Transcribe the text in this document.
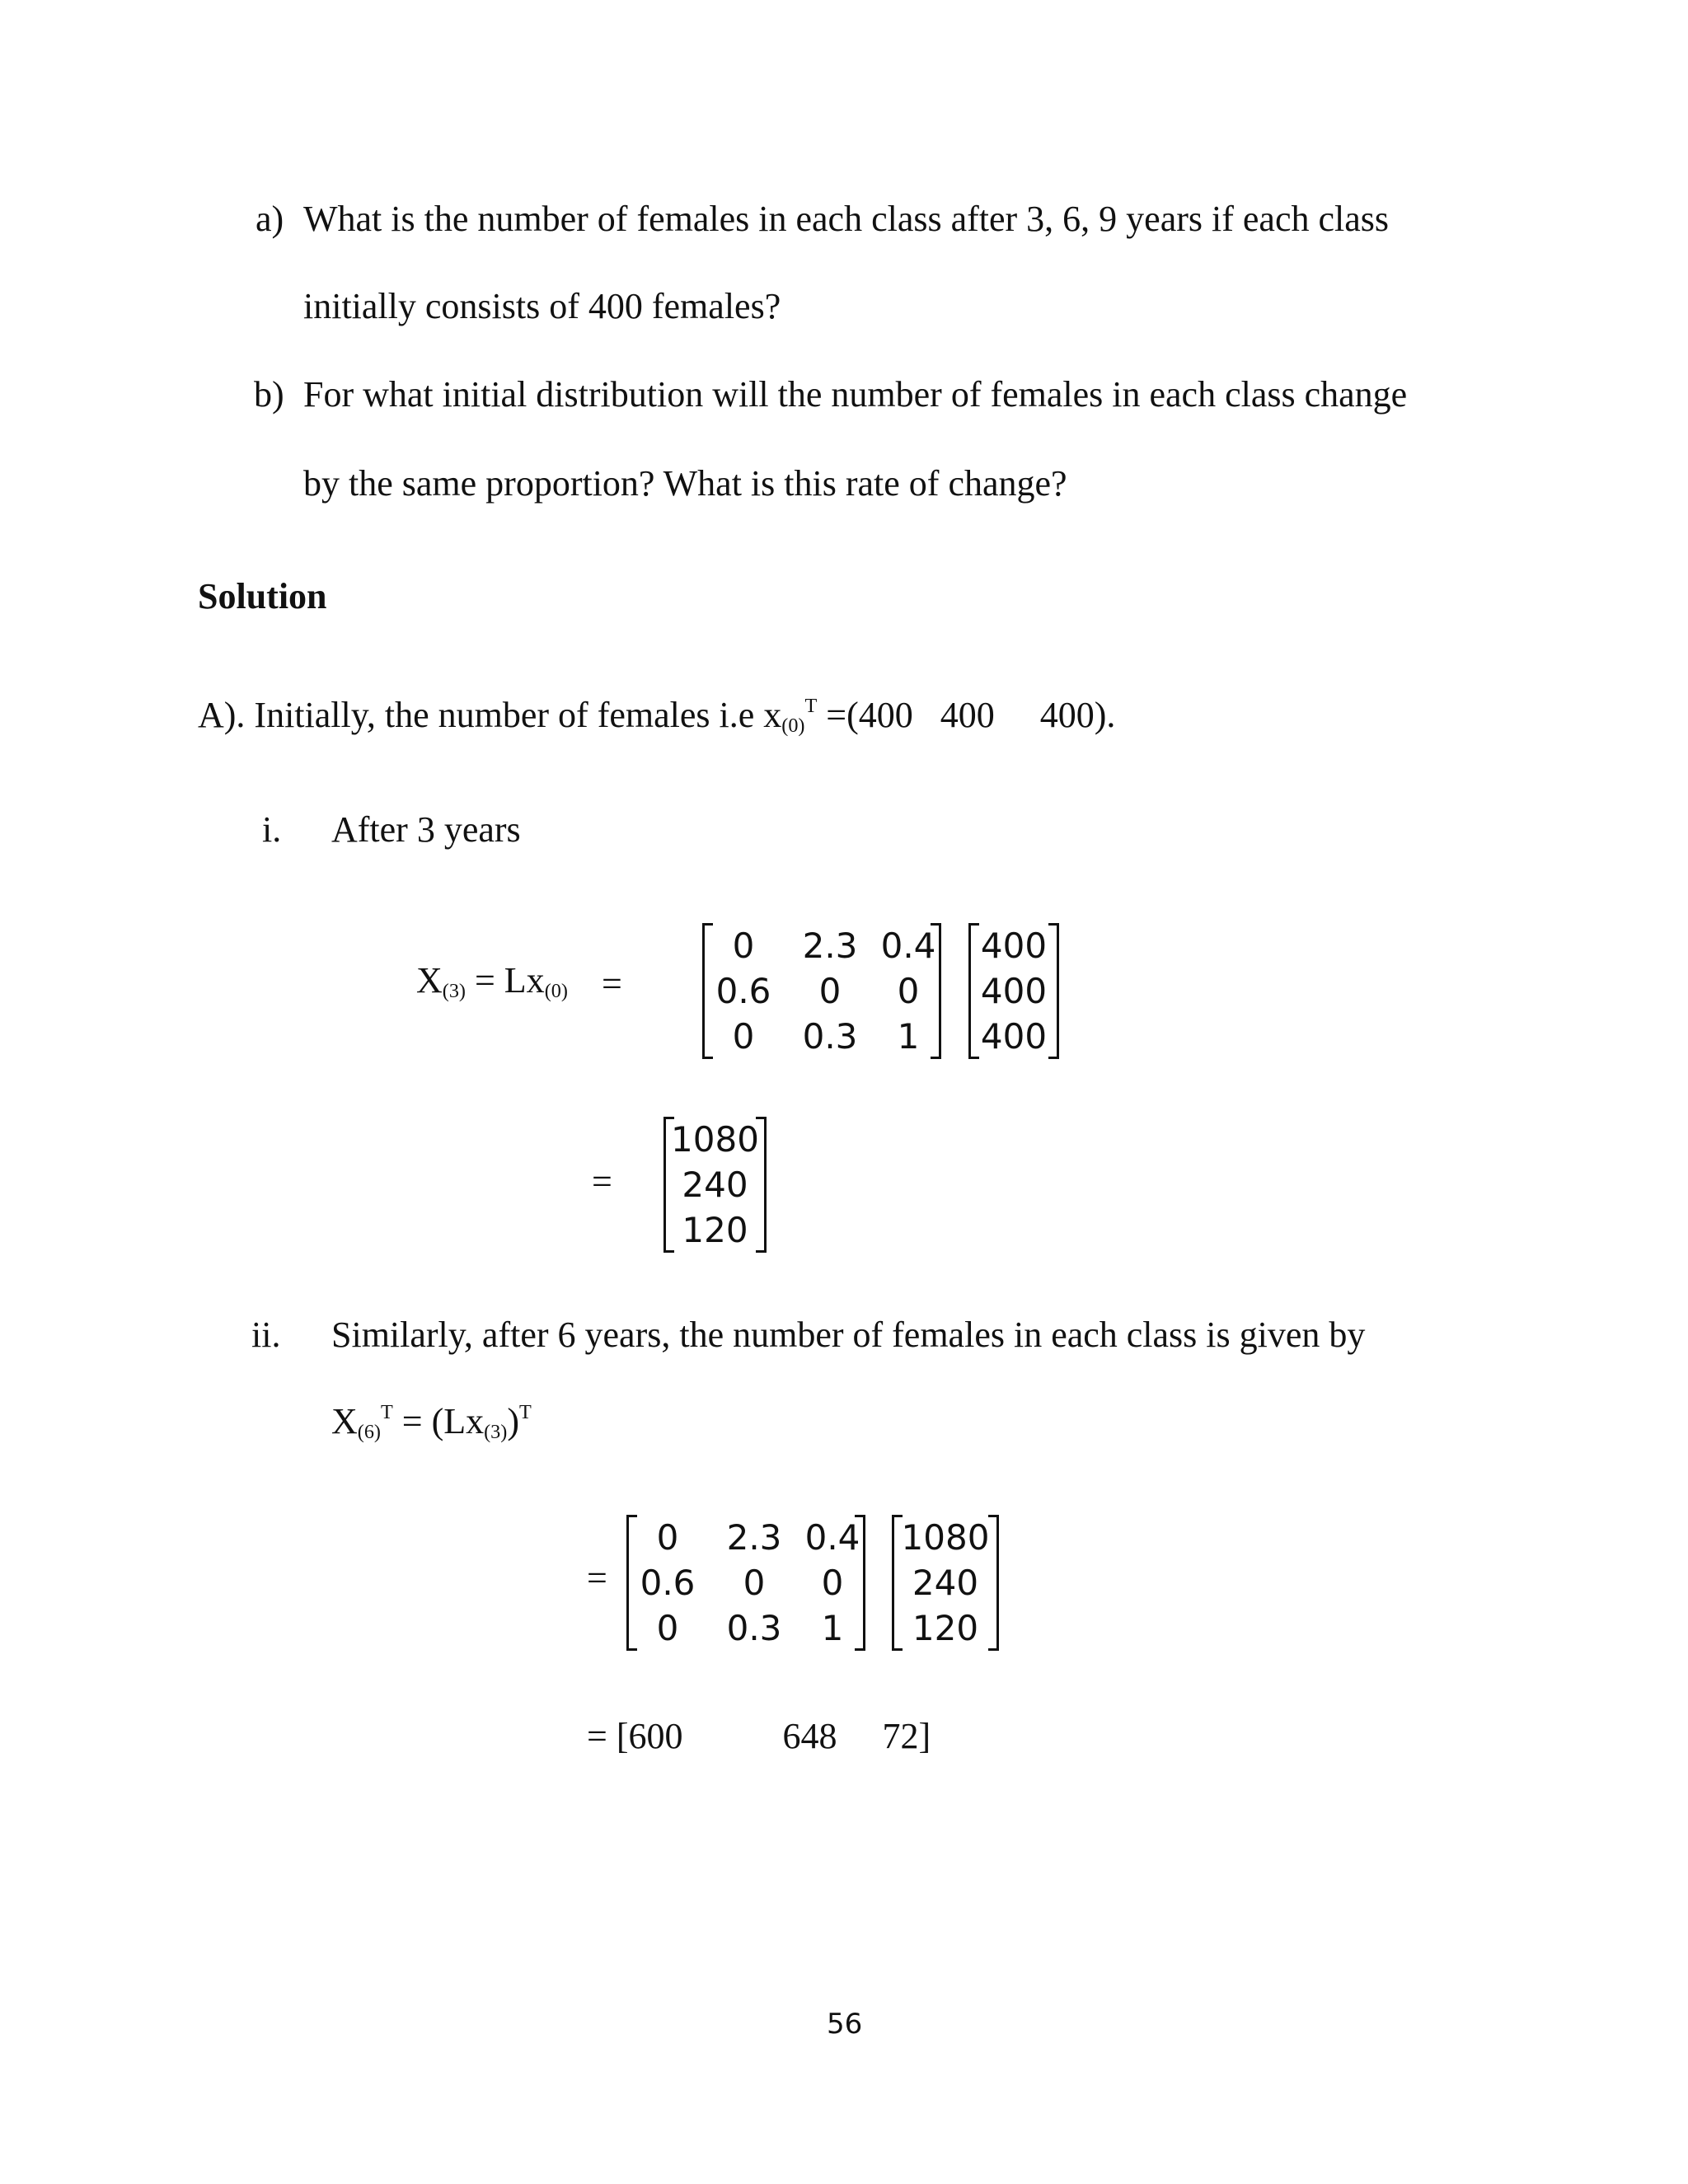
a) What is the number of females in each class after 3, 6, 9 years if each class
initially consists of 400 females?
b) For what initial distribution will the number of females in each class change
by the same proportion? What is this rate of change?
Solution
A). Initially, the number of females i.e $x_{(0)}^T =(400$   400     400).
i. After 3 years
$X_{(3)} = Lx_{(0)}$ =
0	2.3 0.4
0.6	0	0
0	0.3	1
400
400
400
=
1080
240
120
ii. Similarly, after 6 years, the number of females in each class is given by
$X_{(6)}^T = (Lx_{(3)})^T$
=
0	2.3 0.4
0.6	0	0
0	0.3	1
1080
240
120
= [600           648     72]
56
